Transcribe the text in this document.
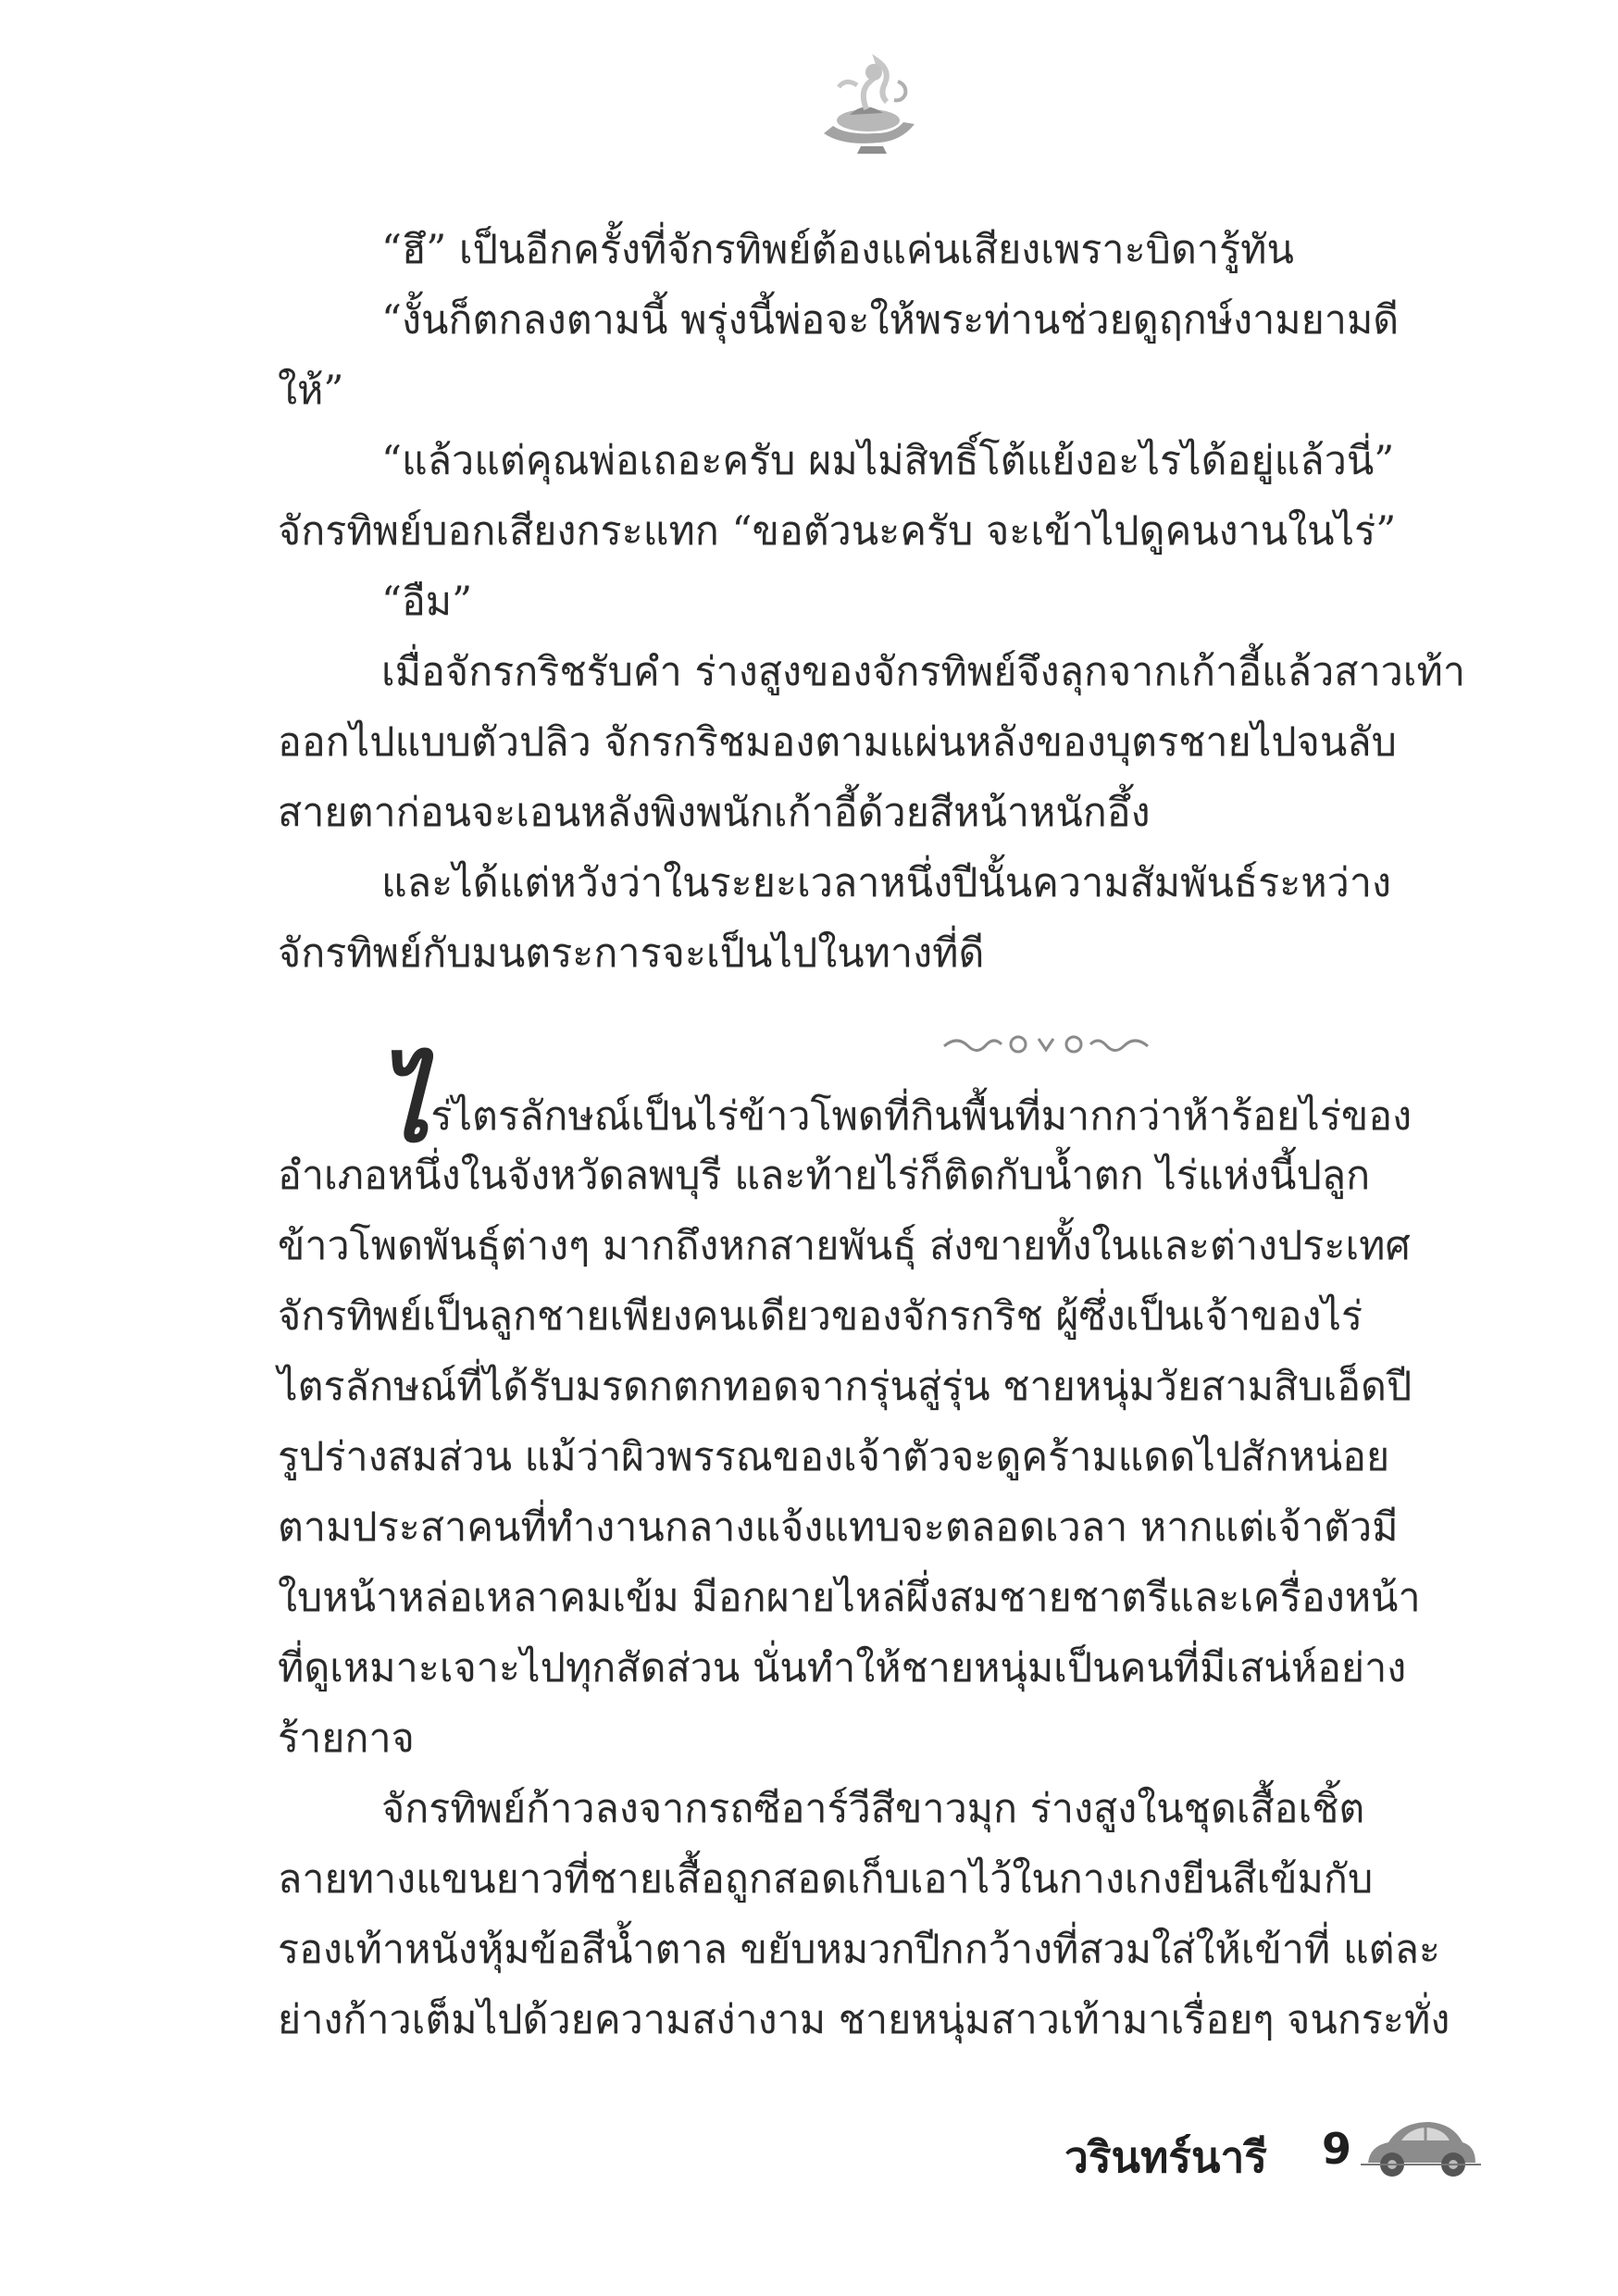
“ฮึ” เป็นอีกครั้งที่จักรทิพย์ต้องแค่นเสียงเพราะบิดารู้ทัน
“งั้นก็ตกลงตามนี้ พรุ่งนี้พ่อจะให้พระท่านช่วยดูฤกษ์งามยามดี
ให้”
“แล้วแต่คุณพ่อเถอะครับ ผมไม่สิทธิ์โต้แย้งอะไรได้อยู่แล้วนี่”
จักรทิพย์บอกเสียงกระแทก “ขอตัวนะครับ จะเข้าไปดูคนงานในไร่”
“อืม”
เมื่อจักรกริชรับคำ ร่างสูงของจักรทิพย์จึงลุกจากเก้าอี้แล้วสาวเท้า
ออกไปแบบตัวปลิว จักรกริชมองตามแผ่นหลังของบุตรชายไปจนลับ
สายตาก่อนจะเอนหลังพิงพนักเก้าอี้ด้วยสีหน้าหนักอึ้ง
และได้แต่หวังว่าในระยะเวลาหนึ่งปีนั้นความสัมพันธ์ระหว่าง
จักรทิพย์กับมนตระการจะเป็นไปในทางที่ดี
ไร่ไตรลักษณ์เป็นไร่ข้าวโพดที่กินพื้นที่มากกว่าห้าร้อยไร่ของ
อำเภอหนึ่งในจังหวัดลพบุรี และท้ายไร่ก็ติดกับน้ำตก ไร่แห่งนี้ปลูก
ข้าวโพดพันธุ์ต่างๆ มากถึงหกสายพันธุ์ ส่งขายทั้งในและต่างประเทศ
จักรทิพย์เป็นลูกชายเพียงคนเดียวของจักรกริช ผู้ซึ่งเป็นเจ้าของไร่
ไตรลักษณ์ที่ได้รับมรดกตกทอดจากรุ่นสู่รุ่น ชายหนุ่มวัยสามสิบเอ็ดปี
รูปร่างสมส่วน แม้ว่าผิวพรรณของเจ้าตัวจะดูคร้ามแดดไปสักหน่อย
ตามประสาคนที่ทำงานกลางแจ้งแทบจะตลอดเวลา หากแต่เจ้าตัวมี
ใบหน้าหล่อเหลาคมเข้ม มีอกผายไหล่ผึ่งสมชายชาตรีและเครื่องหน้า
ที่ดูเหมาะเจาะไปทุกสัดส่วน นั่นทำให้ชายหนุ่มเป็นคนที่มีเสน่ห์อย่าง
ร้ายกาจ
จักรทิพย์ก้าวลงจากรถซีอาร์วีสีขาวมุก ร่างสูงในชุดเสื้อเชิ้ต
ลายทางแขนยาวที่ชายเสื้อถูกสอดเก็บเอาไว้ในกางเกงยีนสีเข้มกับ
รองเท้าหนังหุ้มข้อสีน้ำตาล ขยับหมวกปีกกว้างที่สวมใส่ให้เข้าที่ แต่ละ
ย่างก้าวเต็มไปด้วยความสง่างาม ชายหนุ่มสาวเท้ามาเรื่อยๆ จนกระทั่ง
วรินทร์นารี 9
